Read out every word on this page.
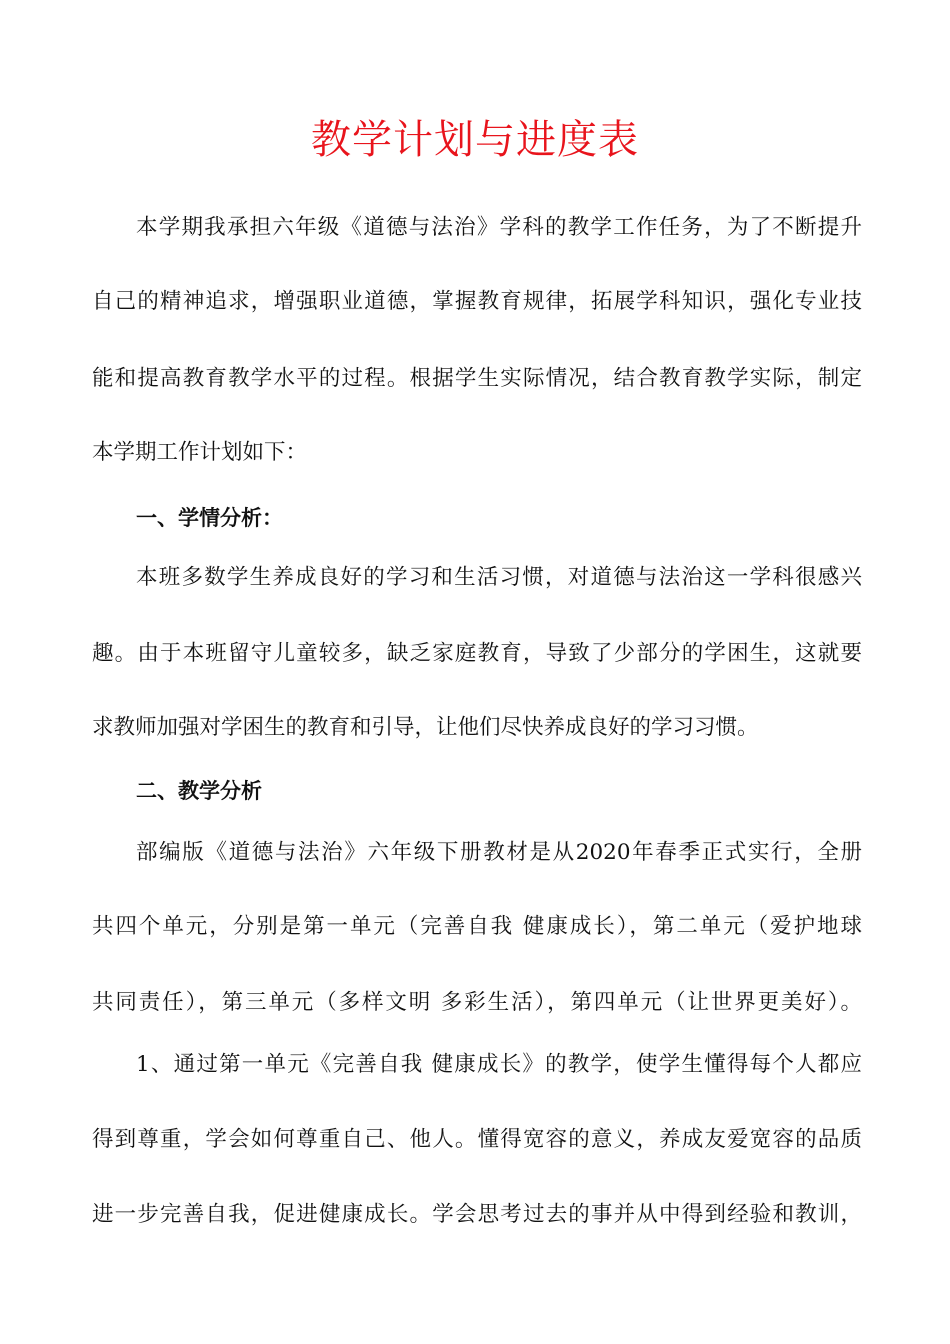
教学计划与进度表
本学期我承担六年级《道德与法治》学科的教学工作任务，为了不断提升
自己的精神追求，增强职业道德，掌握教育规律，拓展学科知识，强化专业技
能和提高教育教学水平的过程。根据学生实际情况，结合教育教学实际，制定
本学期工作计划如下：
一、学情分析：
本班多数学生养成良好的学习和生活习惯，对道德与法治这一学科很感兴
趣。由于本班留守儿童较多，缺乏家庭教育，导致了少部分的学困生，这就要
求教师加强对学困生的教育和引导，让他们尽快养成良好的学习习惯。
二、教学分析
部编版《道德与法治》六年级下册教材是从2020年春季正式实行，全册
共四个单元，分别是第一单元（完善自我 健康成长），第二单元（爱护地球
共同责任），第三单元（多样文明 多彩生活），第四单元（让世界更美好）。
1、通过第一单元《完善自我 健康成长》的教学，使学生懂得每个人都应
得到尊重，学会如何尊重自己、他人。懂得宽容的意义，养成友爱宽容的品质
进一步完善自我，促进健康成长。学会思考过去的事并从中得到经验和教训，
